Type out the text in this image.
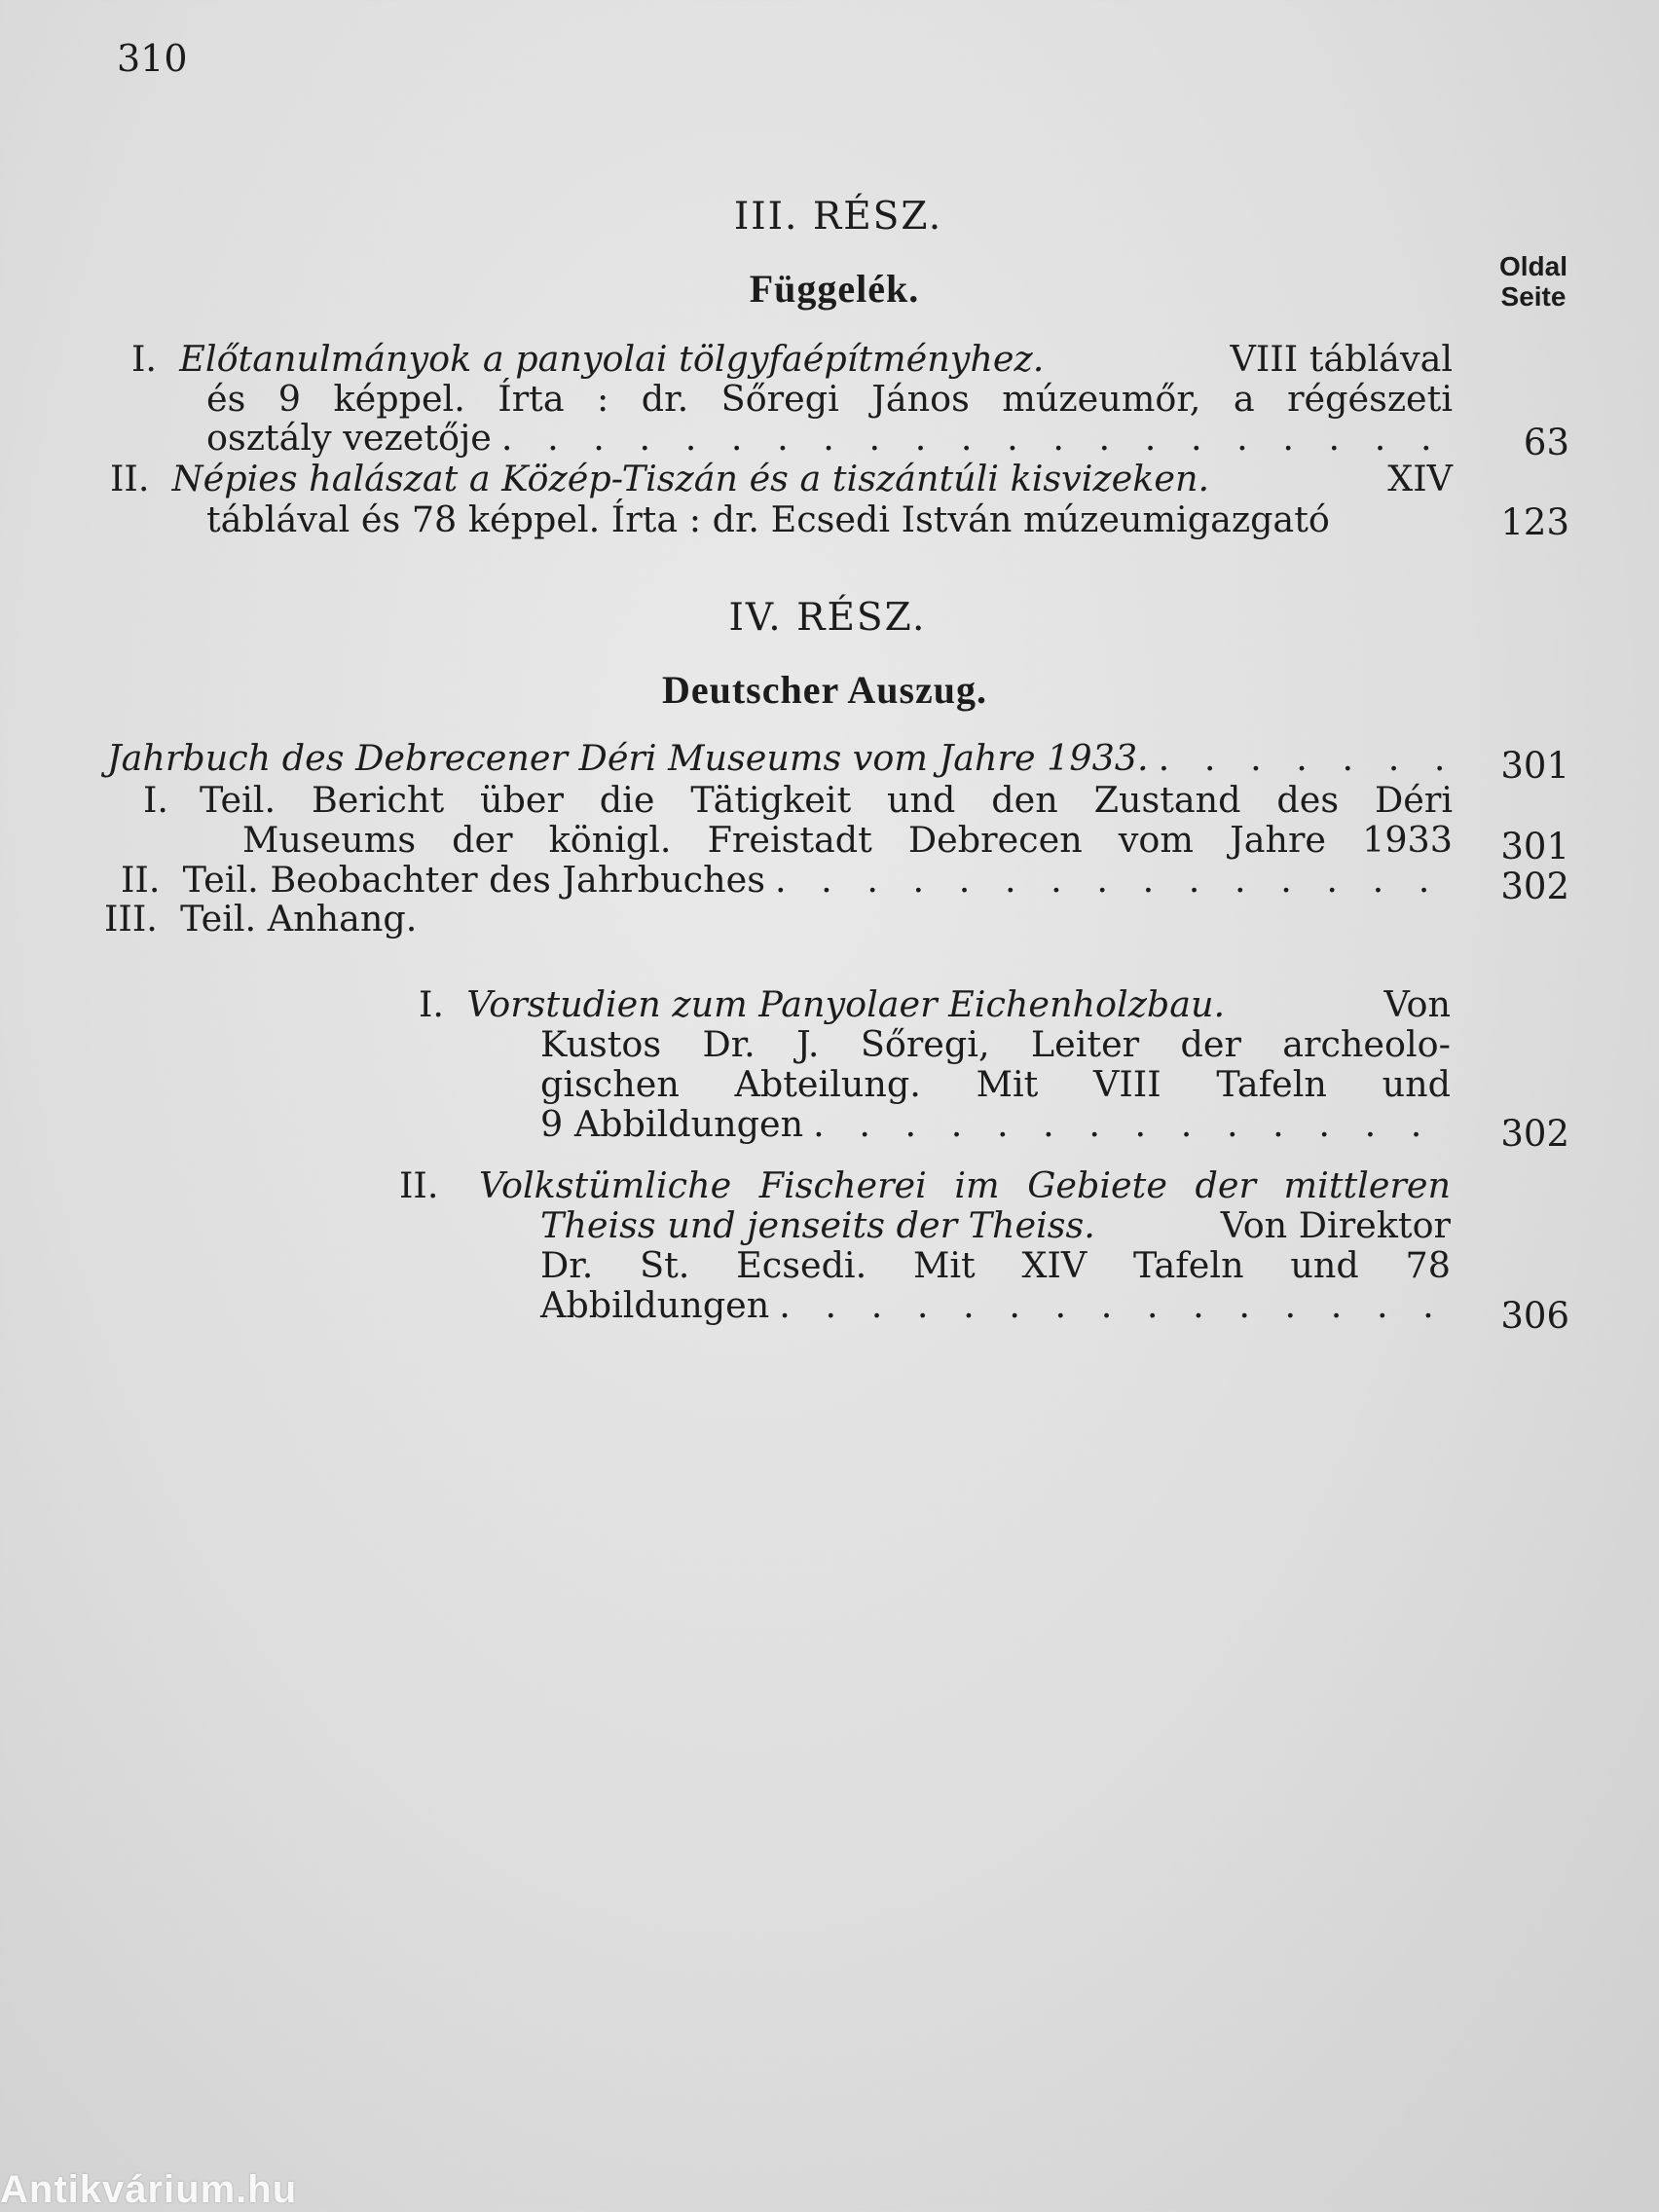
310
Oldal
Seite
III. RÉSZ.
Függelék.
I. Előtanulmányok a panyolai tölgyfaépítményhez.	VIII táblával
és 9 képpel. Írta : dr. Sőregi János múzeumőr, a régészeti
osztály vezetője . . .	63
II. Népies halászat a Közép-Tiszán és a tiszántúli kisvizeken.	XIV
táblával és 78 képpel. Írta : dr. Ecsedi István múzeumigazgató	123
IV. RÉSZ.
Deutscher Auszug.
Jahrbuch des Debrecener Déri Museums vom Jahre 1933. . . .	301
I. Teil. Bericht über die Tätigkeit und den Zustand des Déri
Museums der königl. Freistadt Debrecen vom Jahre 1933	301
II.
Teil. Beobachter des Jahrbuches . . .	302
III. Teil. Anhang.
I. Vorstudien zum Panyolaer Eichenholzbau.	Von
Kustos Dr. J. Sőregi, Leiter der archeolo-
gischen Abteilung. Mit VIII Tafeln und
9 Abbildungen . . .	302
II. Volkstümliche Fischerei im Gebiete der mittleren
Theiss und jenseits der Theiss.	Von Direktor
Dr. St. Ecsedi. Mit XIV Tafeln und 78
Abbildungen . . .	306
Antikvárium.hu
